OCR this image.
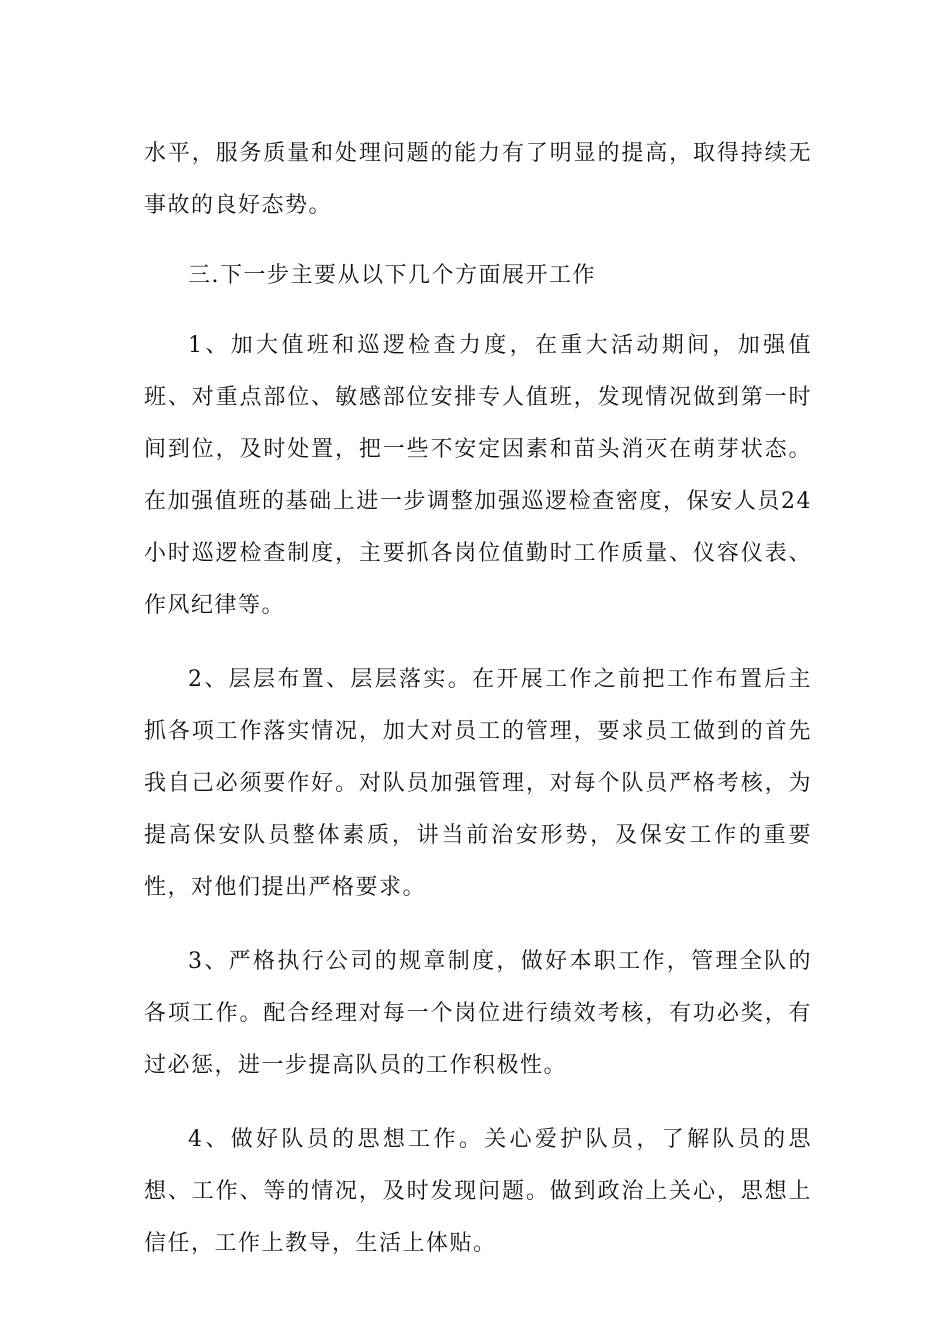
水平，服务质量和处理问题的能力有了明显的提高，取得持续无事故的良好态势。

三.下一步主要从以下几个方面展开工作

1、加大值班和巡逻检查力度，在重大活动期间，加强值班、对重点部位、敏感部位安排专人值班，发现情况做到第一时间到位，及时处置，把一些不安定因素和苗头消灭在萌芽状态。在加强值班的基础上进一步调整加强巡逻检查密度，保安人员24小时巡逻检查制度，主要抓各岗位值勤时工作质量、仪容仪表、作风纪律等。

2、层层布置、层层落实。在开展工作之前把工作布置后主抓各项工作落实情况，加大对员工的管理，要求员工做到的首先我自己必须要作好。对队员加强管理，对每个队员严格考核，为提高保安队员整体素质，讲当前治安形势，及保安工作的重要性，对他们提出严格要求。

3、严格执行公司的规章制度，做好本职工作，管理全队的各项工作。配合经理对每一个岗位进行绩效考核，有功必奖，有过必惩，进一步提高队员的工作积极性。

4、做好队员的思想工作。关心爱护队员，了解队员的思想、工作、等的情况，及时发现问题。做到政治上关心，思想上信任，工作上教导，生活上体贴。
